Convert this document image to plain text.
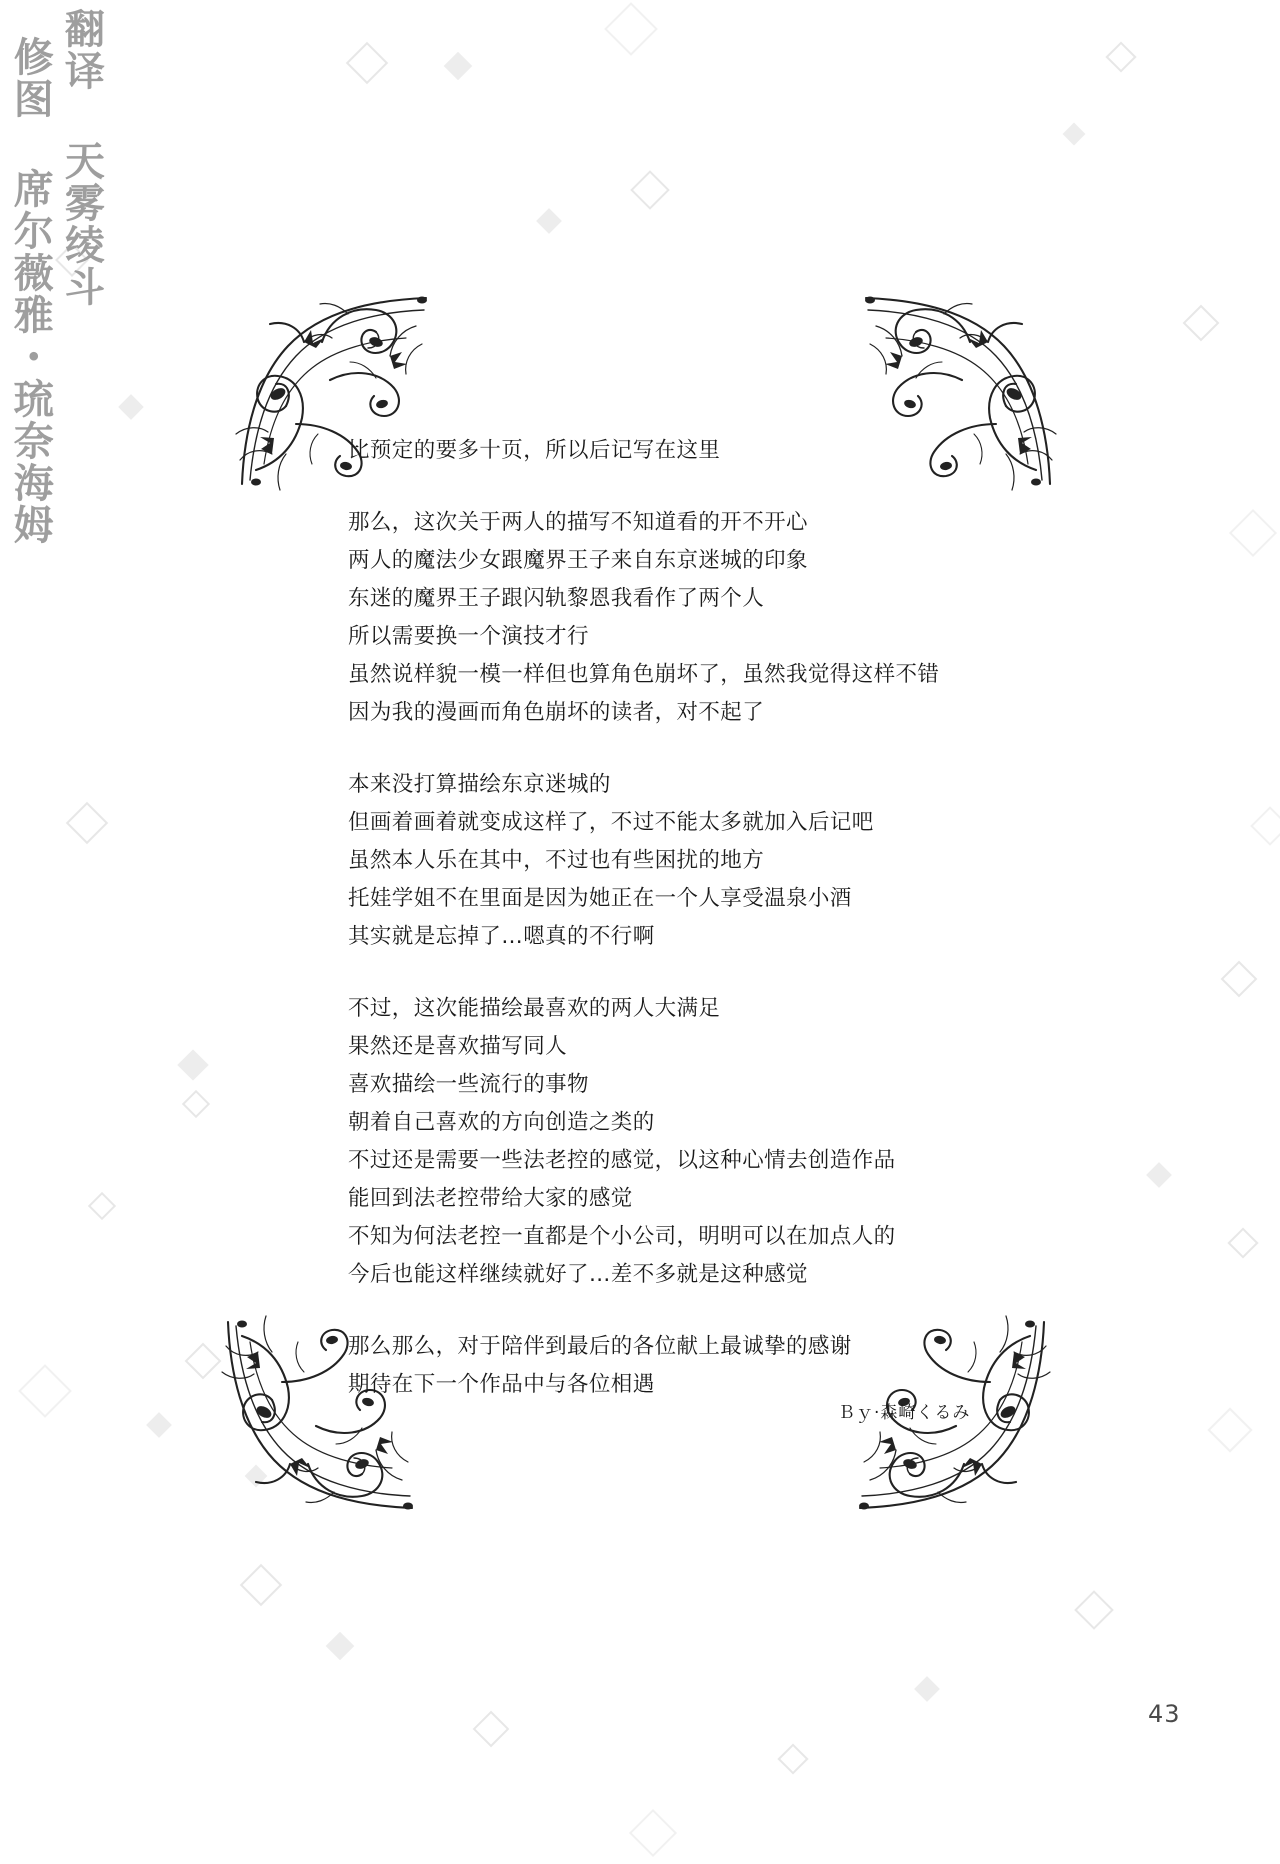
翻译 天雾绫斗
修图 席尔薇雅・琉奈海姆	比预定的要多十页，所以后记写在这里

那么，这次关于两人的描写不知道看的开不开心
两人的魔法少女跟魔界王子来自东京迷城的印象
东迷的魔界王子跟闪轨黎恩我看作了两个人
所以需要换一个演技才行
虽然说样貌一模一样但也算角色崩坏了，虽然我觉得这样不错
因为我的漫画而角色崩坏的读者，对不起了

本来没打算描绘东京迷城的
但画着画着就变成这样了，不过不能太多就加入后记吧
虽然本人乐在其中，不过也有些困扰的地方
托娃学姐不在里面是因为她正在一个人享受温泉小酒
其实就是忘掉了…嗯真的不行啊

不过，这次能描绘最喜欢的两人大满足
果然还是喜欢描写同人
喜欢描绘一些流行的事物
朝着自己喜欢的方向创造之类的
不过还是需要一些法老控的感觉，以这种心情去创造作品
能回到法老控带给大家的感觉
不知为何法老控一直都是个小公司，明明可以在加点人的
今后也能这样继续就好了…差不多就是这种感觉

那么那么，对于陪伴到最后的各位献上最诚挚的感谢
期待在下一个作品中与各位相遇

Ｂｙ·森崎くるみ
43
